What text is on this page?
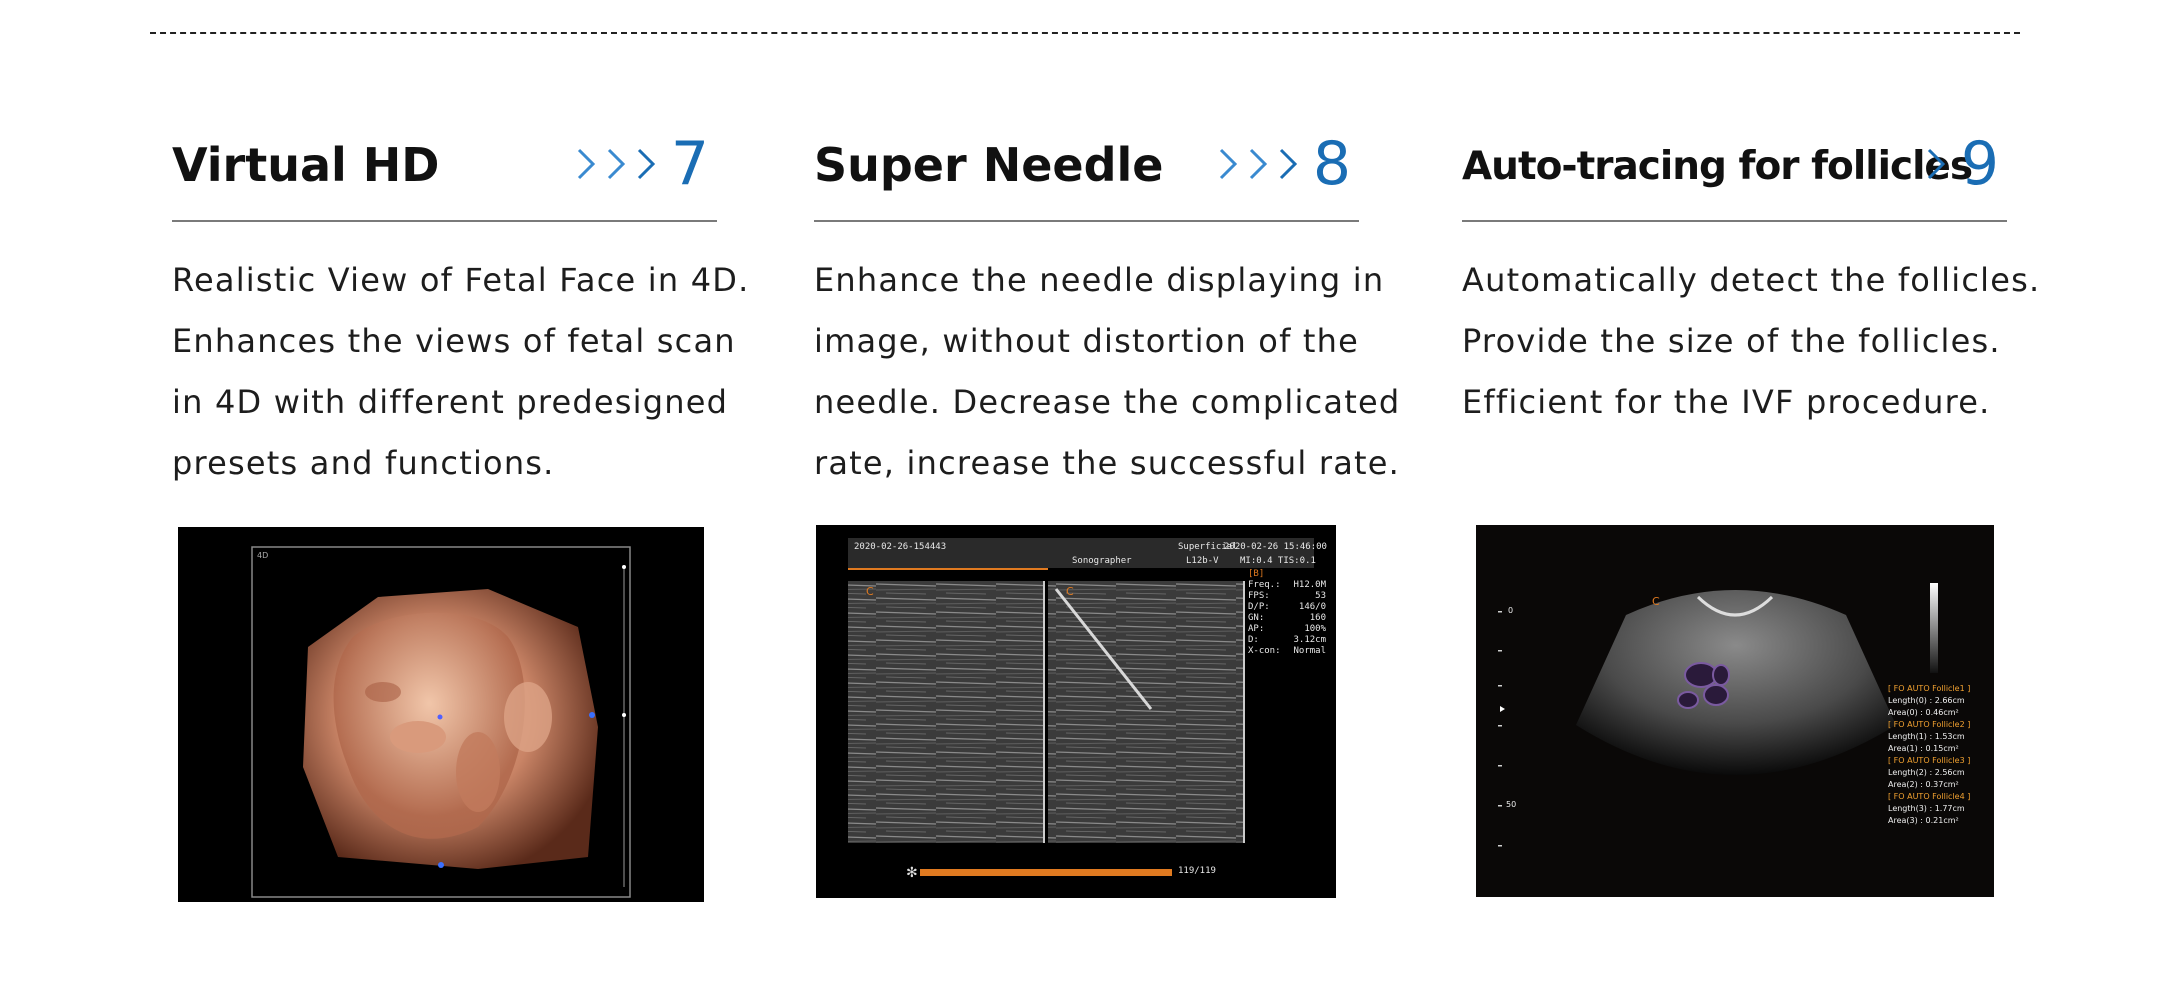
Virtual HD	7

Realistic View of Fetal Face in 4D.

Enhances the views of fetal scan

in 4D with different predesigned

presets and functions.

Super Needle 8

Enhance the needle displaying in

image, without distortion of the

needle. Decrease the complicated

rate, increase the successful rate.

Auto-tracing for follicles
9

Automatically detect the follicles.

Provide the size of the follicles.

Efficient for the IVF procedure.

4D
C	C
✻
2020-02-26-154443
Sonographer
Superficial
2020-02-26 15:46:00
L12b-V MI:0.4 TIS:0.1
[B]
Freq.: H12.0M
FPS:	53
D/P:	146/0
GN:	160
AP:	100%
D:	3.12cm
X-con: Normal
119/119
C
0
50
[ FO AUTO Follicle1 ]
Length(0) : 2.66cm
Area(0) : 0.46cm²
[ FO AUTO Follicle2 ]
Length(1) : 1.53cm
Area(1) : 0.15cm²
[ FO AUTO Follicle3 ]
Length(2) : 2.56cm
Area(2) : 0.37cm²
[ FO AUTO Follicle4 ]
Length(3) : 1.77cm
Area(3) : 0.21cm²
